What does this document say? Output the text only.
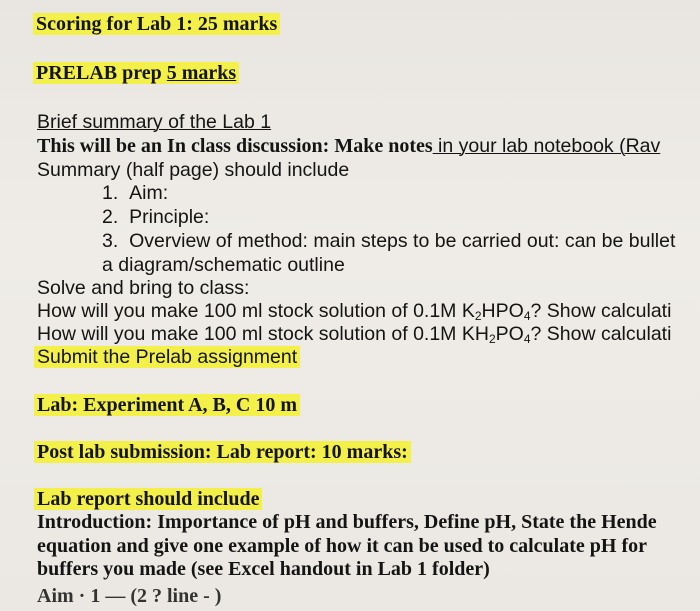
Scoring for Lab 1: 25 marks
PRELAB prep 5 marks
Brief summary of the Lab 1
This will be an In class discussion: Make notes in your lab notebook (Rav
Summary (half page) should include
1. Aim:
2. Principle:
3. Overview of method: main steps to be carried out: can be bullet
a diagram/schematic outline
Solve and bring to class:
How will you make 100 ml stock solution of 0.1M $K_2HPO_4$? Show calculati
How will you make 100 ml stock solution of 0.1M $KH_2PO_4$? Show calculati
Submit the Prelab assignment
Lab: Experiment A, B, C 10 m
Post lab submission: Lab report: 10 marks:
Lab report should include
Introduction: Importance of pH and buffers, Define pH, State the Hende
equation and give one example of how it can be used to calculate pH for
buffers you made (see Excel handout in Lab 1 folder)
Aim · 1 — (2 ? line - )
